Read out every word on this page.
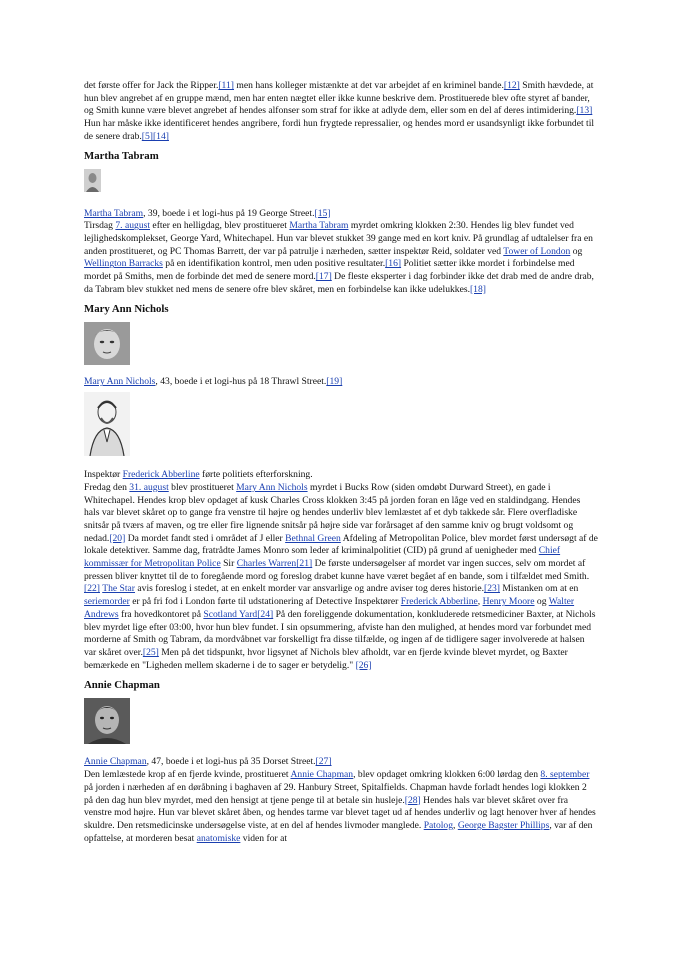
det første offer for Jack the Ripper.[11] men hans kolleger mistænkte at det var arbejdet af en kriminel bande.[12] Smith hævdede, at hun blev angrebet af en gruppe mænd, men har enten nægtet eller ikke kunne beskrive dem. Prostituerede blev ofte styret af bander, og Smith kunne være blevet angrebet af hendes alfonser som straf for ikke at adlyde dem, eller som en del af deres intimidering.[13] Hun har måske ikke identificeret hendes angribere, fordi hun frygtede repressalier, og hendes mord er usandsynligt ikke forbundet til de senere drab.[5][14]

Martha Tabram

Martha Tabram, 39, boede i et logi-hus på 19 George Street.[15]

Tirsdag 7. august efter en helligdag, blev prostitueret Martha Tabram myrdet omkring klokken 2:30. Hendes lig blev fundet ved lejlighedskomplekset, George Yard, Whitechapel. Hun var blevet stukket 39 gange med en kort kniv. På grundlag af udtalelser fra en anden prostitueret, og PC Thomas Barrett, der var på patrulje i nærheden, sætter inspektør Reid, soldater ved Tower of London og Wellington Barracks på en identifikation kontrol, men uden positive resultater.[16] Politiet sætter ikke mordet i forbindelse med mordet på Smiths, men de forbinde det med de senere mord.[17] De fleste eksperter i dag forbinder ikke det drab med de andre drab, da Tabram blev stukket ned mens de senere ofre blev skåret, men en forbindelse kan ikke udelukkes.[18]

Mary Ann Nichols

Mary Ann Nichols, 43, boede i et logi-hus på 18 Thrawl Street.[19]

Inspektør Frederick Abberline førte politiets efterforskning.

Fredag den 31. august blev prostitueret Mary Ann Nichols myrdet i Bucks Row (siden omdøbt Durward Street), en gade i Whitechapel. Hendes krop blev opdaget af kusk Charles Cross klokken 3:45 på jorden foran en låge ved en staldindgang. Hendes hals var blevet skåret op to gange fra venstre til højre og hendes underliv blev lemlæstet af et dyb takkede sår. Flere overfladiske snitsår på tværs af maven, og tre eller fire lignende snitsår på højre side var forårsaget af den samme kniv og brugt voldsomt og nedad.[20] Da mordet fandt sted i området af J eller Bethnal Green Afdeling af Metropolitan Police, blev mordet først undersøgt af de lokale detektiver. Samme dag, fratrådte James Monro som leder af kriminalpolitiet (CID) på grund af uenigheder med Chief kommissær for Metropolitan Police Sir Charles Warren[21] De første undersøgelser af mordet var ingen succes, selv om mordet af pressen bliver knyttet til de to foregående mord og foreslog drabet kunne have været begået af en bande, som i tilfældet med Smith.[22] The Star avis foreslog i stedet, at en enkelt morder var ansvarlige og andre aviser tog deres historie.[23] Mistanken om at en seriemorder er på fri fod i London førte til udstationering af Detective Inspektører Frederick Abberline, Henry Moore og Walter Andrews fra hovedkontoret på Scotland Yard[24] På den foreliggende dokumentation, konkluderede retsmediciner Baxter, at Nichols blev myrdet lige efter 03:00, hvor hun blev fundet. I sin opsummering, afviste han den mulighed, at hendes mord var forbundet med morderne af Smith og Tabram, da mordvåbnet var forskelligt fra disse tilfælde, og ingen af de tidligere sager involverede at halsen var skåret over.[25] Men på det tidspunkt, hvor ligsynet af Nichols blev afholdt, var en fjerde kvinde blevet myrdet, og Baxter bemærkede en "Ligheden mellem skaderne i de to sager er betydelig." [26]

Annie Chapman

Annie Chapman, 47, boede i et logi-hus på 35 Dorset Street.[27]

Den lemlæstede krop af en fjerde kvinde, prostitueret Annie Chapman, blev opdaget omkring klokken 6:00 lørdag den 8. september på jorden i nærheden af en døråbning i baghaven af 29. Hanbury Street, Spitalfields. Chapman havde forladt hendes logi klokken 2 på den dag hun blev myrdet, med den hensigt at tjene penge til at betale sin husleje.[28] Hendes hals var blevet skåret over fra venstre mod højre. Hun var blevet skåret åben, og hendes tarme var blevet taget ud af hendes underliv og lagt henover hver af hendes skuldre. Den retsmedicinske undersøgelse viste, at en del af hendes livmoder manglede. Patolog, George Bagster Phillips, var af den opfattelse, at morderen besat anatomiske viden for at
